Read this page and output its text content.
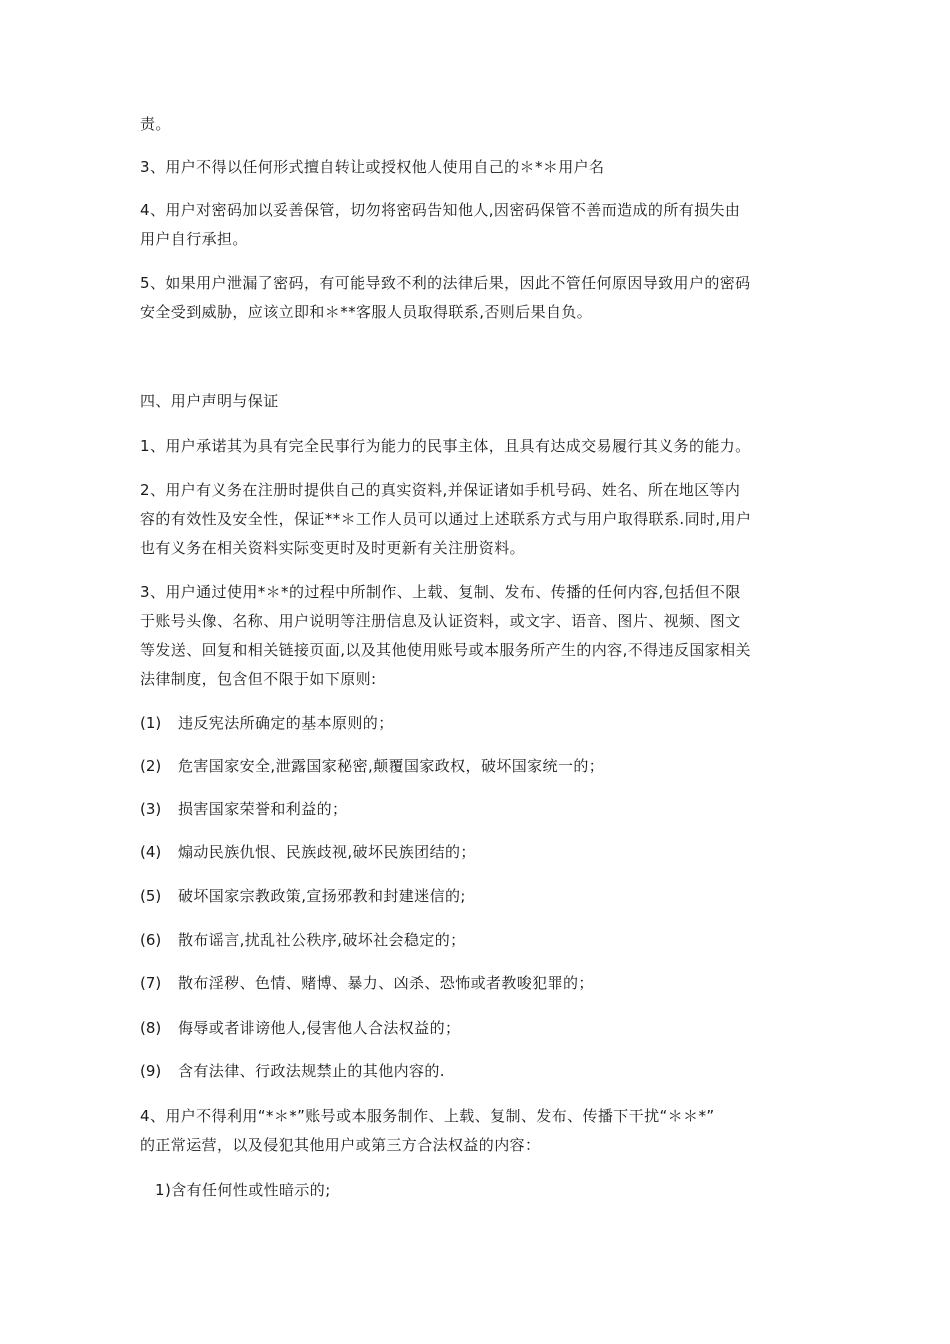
责。
3、用户不得以任何形式擅自转让或授权他人使用自己的＊*＊用户名
4、用户对密码加以妥善保管，切勿将密码告知他人,因密码保管不善而造成的所有损失由
用户自行承担。
5、如果用户泄漏了密码，有可能导致不利的法律后果，因此不管任何原因导致用户的密码
安全受到威胁，应该立即和＊**客服人员取得联系,否则后果自负。
四、用户声明与保证
1、用户承诺其为具有完全民事行为能力的民事主体，且具有达成交易履行其义务的能力。
2、用户有义务在注册时提供自己的真实资料,并保证诸如手机号码、姓名、所在地区等内
容的有效性及安全性，保证**＊工作人员可以通过上述联系方式与用户取得联系.同时,用户
也有义务在相关资料实际变更时及时更新有关注册资料。
3、用户通过使用*＊*的过程中所制作、上载、复制、发布、传播的任何内容,包括但不限
于账号头像、名称、用户说明等注册信息及认证资料，或文字、语音、图片、视频、图文
等发送、回复和相关链接页面,以及其他使用账号或本服务所产生的内容,不得违反国家相关
法律制度，包含但不限于如下原则:
(1) 违反宪法所确定的基本原则的；
(2) 危害国家安全,泄露国家秘密,颠覆国家政权，破坏国家统一的；
(3) 损害国家荣誉和利益的；
(4) 煽动民族仇恨、民族歧视,破坏民族团结的；
(5) 破坏国家宗教政策,宣扬邪教和封建迷信的;
(6) 散布谣言,扰乱社公秩序,破坏社会稳定的；
(7) 散布淫秽、色情、赌博、暴力、凶杀、恐怖或者教唆犯罪的；
(8) 侮辱或者诽谤他人,侵害他人合法权益的；
(9) 含有法律、行政法规禁止的其他内容的.
4、用户不得利用“*＊*”账号或本服务制作、上载、复制、发布、传播下干扰“＊＊*”
的正常运营，以及侵犯其他用户或第三方合法权益的内容：
1)含有任何性或性暗示的;
